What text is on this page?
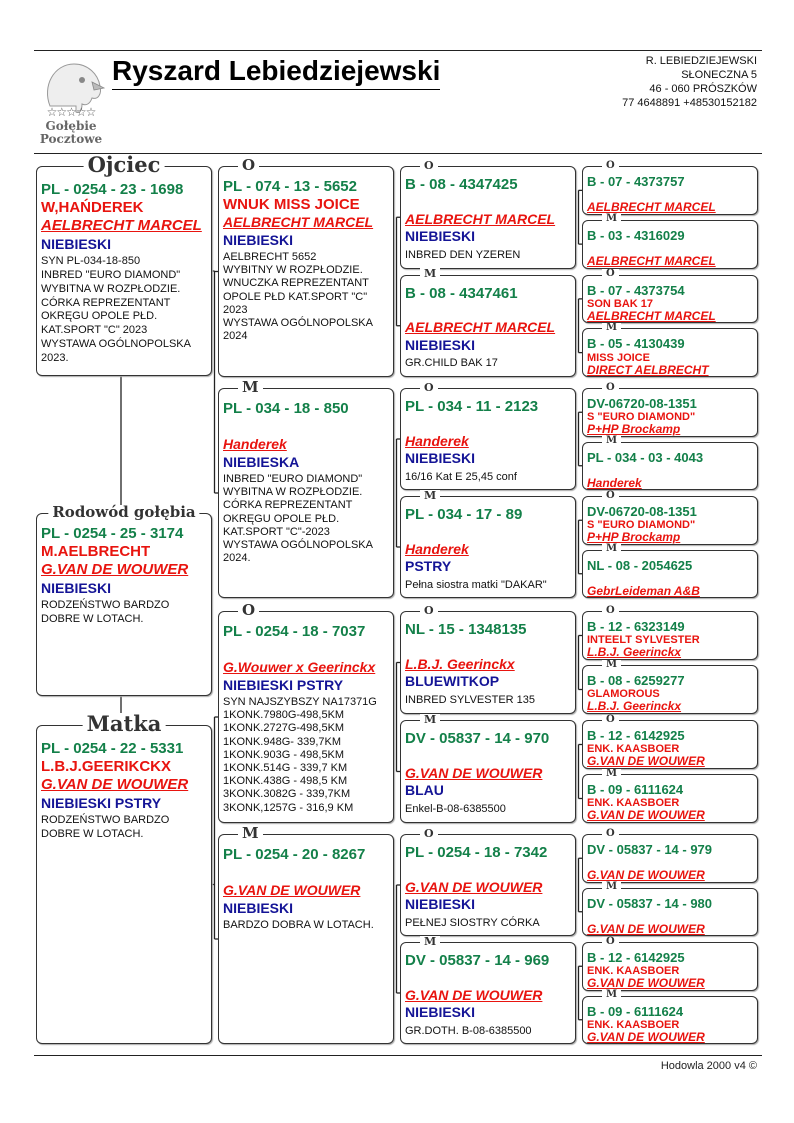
☆☆☆☆☆
Gołębie
Pocztowe
Ryszard Lebiedziejewski	R. LEBIEDZIEJEWSKI
SŁONECZNA 5
46 - 060 PRÓSZKÓW
77 4648891 +48530152182
PL - 0254 - 23 - 1698
W,HAŃDEREK
AELBRECHT MARCEL
NIEBIESKI
SYN PL-034-18-850
INBRED "EURO DIAMOND"
WYBITNA W ROZPŁODZIE.
CÓRKA REPREZENTANT
OKRĘGU OPOLE PŁD.
KAT.SPORT "C" 2023
WYSTAWA OGÓLNOPOLSKA
2023.
Ojciec
PL - 0254 - 25 - 3174
M.AELBRECHT
G.VAN DE WOUWER
NIEBIESKI
RODZEŃSTWO BARDZO
DOBRE W LOTACH.
Rodowód gołębia
PL - 0254 - 22 - 5331
L.B.J.GEERIKCKX
G.VAN DE WOUWER
NIEBIESKI PSTRY
RODZEŃSTWO BARDZO
DOBRE W LOTACH.
Matka
PL - 074 - 13 - 5652
WNUK MISS JOICE
AELBRECHT MARCEL
NIEBIESKI
AELBRECHT 5652
WYBITNY W ROZPŁODZIE.
WNUCZKA REPREZENTANT
OPOLE PŁD KAT.SPORT "C"
2023
WYSTAWA OGÓLNOPOLSKA
2024
O
PL - 034 - 18 - 850

Handerek
NIEBIESKA
INBRED "EURO DIAMOND"
WYBITNA W ROZPŁODZIE.
CÓRKA REPREZENTANT
OKRĘGU OPOLE PŁD.
KAT.SPORT "C"-2023
WYSTAWA OGÓLNOPOLSKA
2024.
M
PL - 0254 - 18 - 7037

G.Wouwer x Geerinckx
NIEBIESKI PSTRY
SYN NAJSZYBSZY NA17371G
1KONK.7980G-498,5KM
1KONK.2727G-498,5KM
1KONK.948G- 339,7KM
1KONK.903G - 498,5KM
1KONK.514G - 339,7 KM
1KONK.438G - 498,5 KM
3KONK.3082G - 339,7KM
3KONK,1257G - 316,9 KM
O
PL - 0254 - 20 - 8267

G.VAN DE WOUWER
NIEBIESKI
BARDZO DOBRA W LOTACH.
M
B - 08 - 4347425

AELBRECHT MARCEL
NIEBIESKI
INBRED DEN YZEREN
O
B - 08 - 4347461

AELBRECHT MARCEL
NIEBIESKI
GR.CHILD BAK 17
M
PL - 034 - 11 - 2123

Handerek
NIEBIESKI
16/16 Kat E 25,45 conf
O
PL - 034 - 17 - 89

Handerek
PSTRY
Pełna siostra matki "DAKAR"
M
NL - 15 - 1348135

L.B.J. Geerinckx
BLUEWITKOP
INBRED SYLVESTER 135
O
DV - 05837 - 14 - 970

G.VAN DE WOUWER
BLAU
Enkel-B-08-6385500
M
PL - 0254 - 18 - 7342

G.VAN DE WOUWER
NIEBIESKI
PEŁNEJ SIOSTRY CÓRKA
O
DV - 05837 - 14 - 969

G.VAN DE WOUWER
NIEBIESKI
GR.DOTH. B-08-6385500
M
B - 07 - 4373757

AELBRECHT MARCEL
O
B - 03 - 4316029

AELBRECHT MARCEL
M
B - 07 - 4373754
SON BAK 17
AELBRECHT MARCEL
O
B - 05 - 4130439
MISS JOICE
DIRECT AELBRECHT
M
DV-06720-08-1351
S "EURO DIAMOND"
P+HP Brockamp
O
PL - 034 - 03 - 4043

Handerek
M
DV-06720-08-1351
S "EURO DIAMOND"
P+HP Brockamp
O
NL - 08 - 2054625

GebrLeideman A&B
M
B - 12 - 6323149
INTEELT SYLVESTER
L.B.J. Geerinckx
O
B - 08 - 6259277
GLAMOROUS
L.B.J. Geerinckx
M
B - 12 - 6142925
ENK. KAASBOER
G.VAN DE WOUWER
O
B - 09 - 6111624
ENK. KAASBOER
G.VAN DE WOUWER
M
DV - 05837 - 14 - 979

G.VAN DE WOUWER
O
DV - 05837 - 14 - 980

G.VAN DE WOUWER
M
B - 12 - 6142925
ENK. KAASBOER
G.VAN DE WOUWER
O
B - 09 - 6111624
ENK. KAASBOER
G.VAN DE WOUWER
M
Hodowla 2000 v4 ©
